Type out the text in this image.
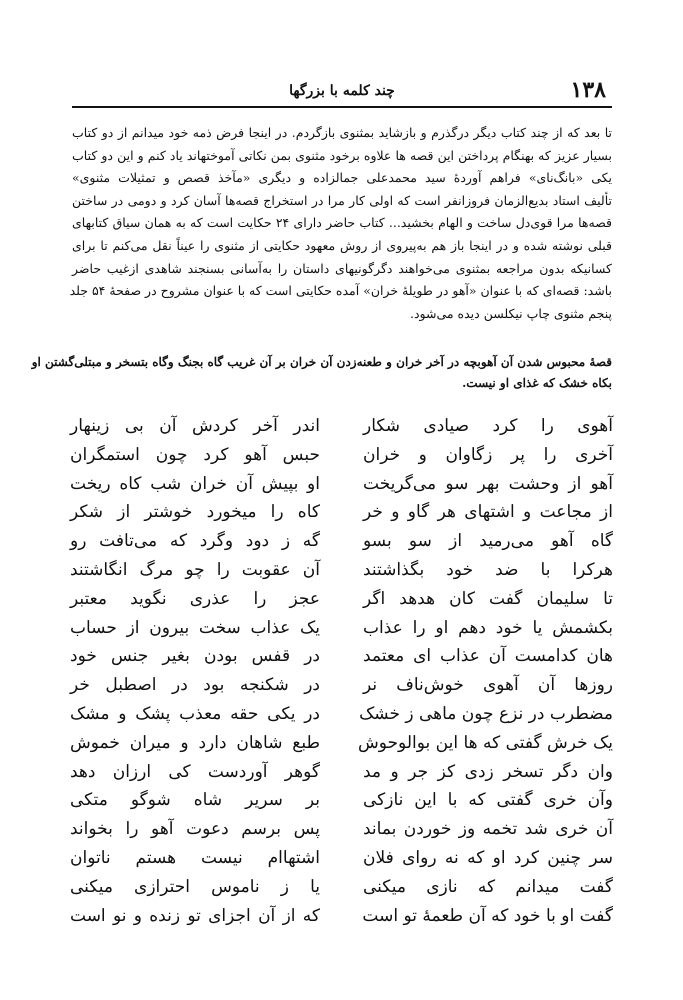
۱۳۸
چند کلمه با بزرگها

تا بعد که از چند کتاب دیگر درگذرم و بازشاید بمثنوی بازگردم. در اینجا فرض ذمه خود میدانم از دو کتاب

بسیار عزیز که بهنگام پرداختن این قصه ها علاوه برخود مثنوی بمن نکاتی آموختهاند یاد کنم و این دو کتاب

یکی «بانگ‌نای» فراهم آوردهٔ سید محمدعلی جمالزاده و دیگری «مآخذ قصص و تمثیلات مثنوی»

تألیف استاد بدیع‌الزمان فروزانفر است که اولی کار مرا در استخراج قصه‌ها آسان کرد و دومی در ساختن

قصه‌ها مرا قوی‌دل ساخت و الهام بخشید... کتاب حاضر دارای ۲۴ حکایت است که به همان سیاق کتابهای

قبلی نوشته شده و در اینجا باز هم به‌پیروی از روش معهود حکایتی از مثنوی را عیناً نقل می‌کنم تا برای

کسانیکه بدون مراجعه بمثنوی می‌خواهند دگرگونیهای داستان را به‌آسانی بسنجند شاهدی ازغیب حاضر

باشد: قصه‌ای که با عنوان «آهو در طویلهٔ خران» آمده حکایتی است که با عنوان مشروح در صفحهٔ ۵۴ جلد

پنجم مثنوی چاپ نیکلسن دیده می‌شود.

قصهٔ محبوس شدن آن آهوبچه در آخر خران و طعنه‌زدن آن خران بر آن غریب گاه بجنگ وگاه بتسخر و مبتلی‌گشتن او
بکاه خشک که غذای او نیست.
آهوی را کرد صیادی شکار
آخری را پر زگاوان و خران
آهو از وحشت بهر سو می‌گریخت
از مجاعت و اشتهای هر گاو و خر
گاه آهو می‌رمید از سو بسو
هرکرا با ضد خود بگذاشتند
تا سلیمان گفت کان هدهد اگر
بکشمش یا خود دهم او را عذاب
هان کدامست آن عذاب ای معتمد
روزها آن آهوی خوش‌ناف نر
مضطرب در نزع چون ماهی ز خشک
یک خرش گفتی که ها این بوالوحوش
وان دگر تسخر زدی کز جر و مد
وآن خری گفتی که با این نازکی
آن خری شد تخمه وز خوردن بماند
سر چنین کرد او که نه روای فلان
گفت میدانم که نازی میکنی
گفت او با خود که آن طعمهٔ تو است
اندر آخر کردش آن بی زینهار
حبس آهو کرد چون استمگران
او بپیش آن خران شب کاه ریخت
کاه را میخورد خوشتر از شکر
گه ز دود وگرد که می‌تافت رو
آن عقوبت را چو مرگ انگاشتند
عجز را عذری نگوید معتبر
یک عذاب سخت بیرون از حساب
در قفس بودن بغیر جنس خود
در شکنجه بود در اصطبل خر
در یکی حقه معذب پشک و مشک
طبع شاهان دارد و میران خموش
گوهر آوردست کی ارزان دهد
بر سریر شاه شوگو متکی
پس برسم دعوت آهو را بخواند
اشتهاام نیست هستم ناتوان
یا ز ناموس احترازی میکنی
که از آن اجزای تو زنده و نو است
